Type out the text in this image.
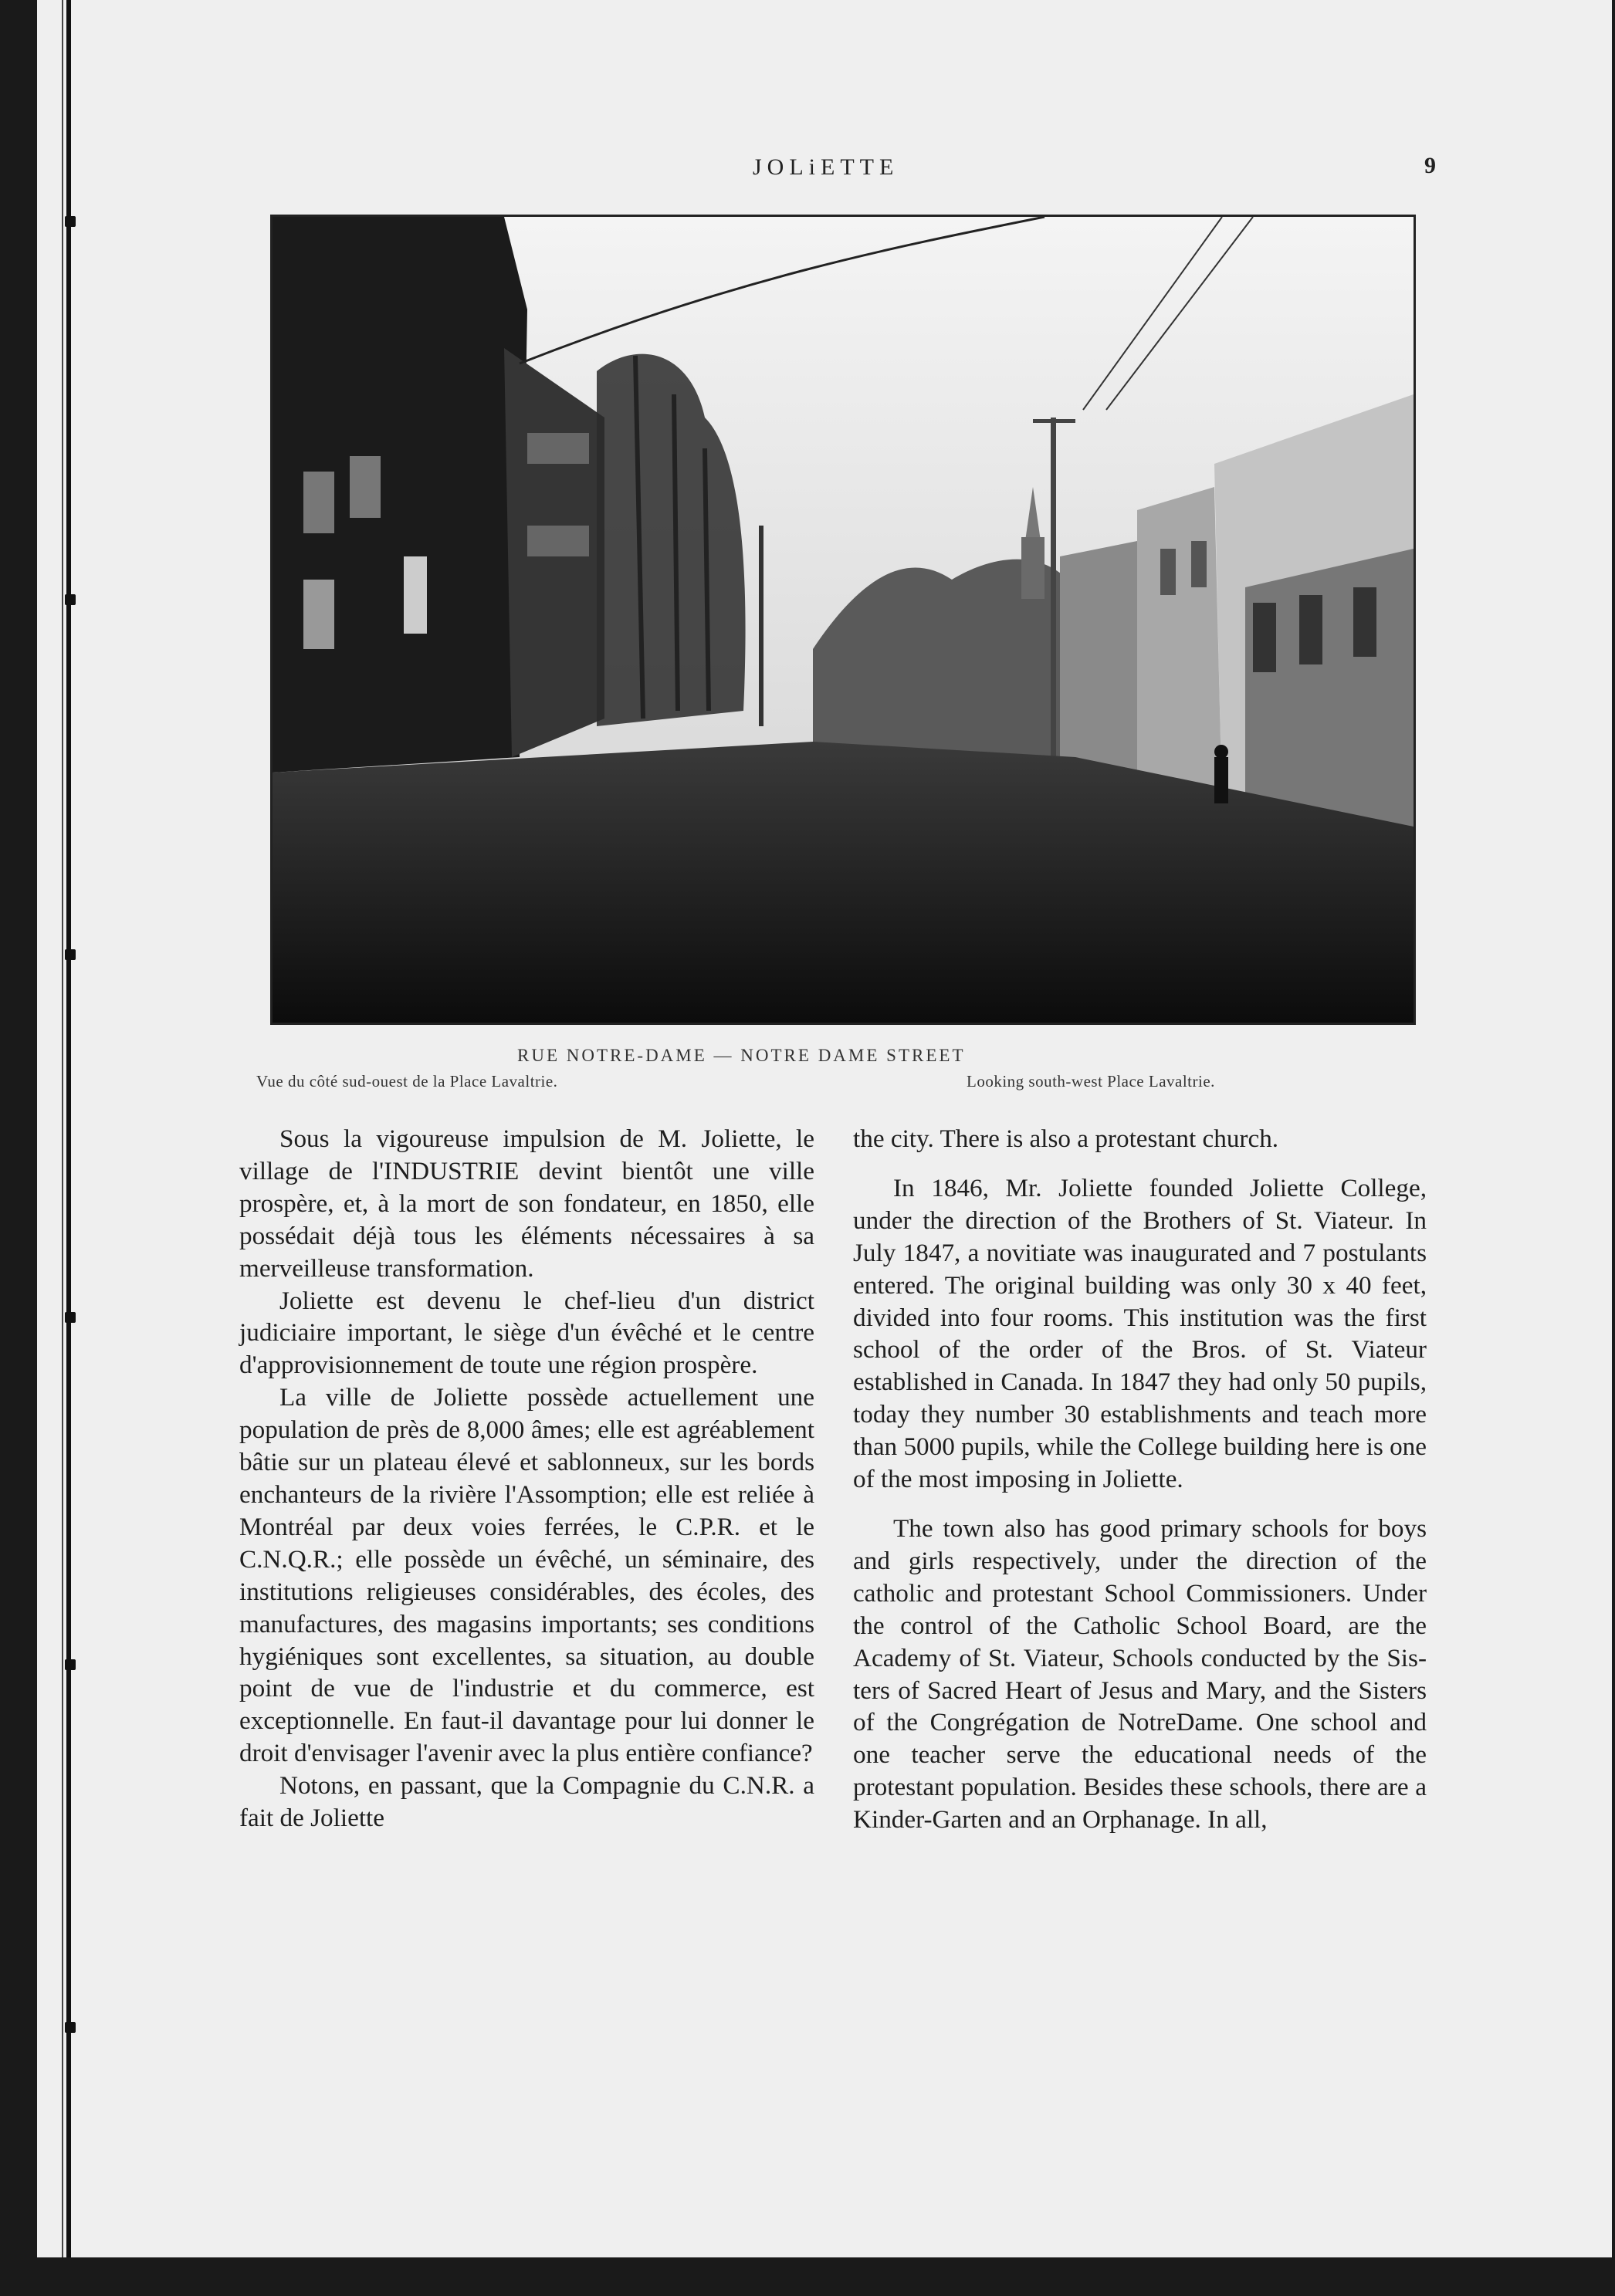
JOLiETTE	9
RUE NOTRE-DAME — NOTRE DAME STREET
Vue du côté sud-ouest de la Place Lavaltrie.	Looking south-west Place Lavaltrie.

Sous la vigoureuse impulsion de M. Joliette, le village de l'INDUSTRIE devint bientôt une ville prospère, et, à la mort de son fondateur, en 1850, elle possédait déjà tous les éléments nécessaires à sa merveilleuse transformation.

Joliette est devenu le chef-lieu d'un district judiciaire important, le siège d'un évêché et le centre d'approvisionnement de toute une région prospère.

La ville de Joliette possède actuellement une population de près de 8,000 âmes; elle est agréablement bâtie sur un plateau élevé et sablonneux, sur les bords enchanteurs de la rivière l'Assomption; elle est reliée à Montréal par deux voies ferrées, le C.P.R. et le C.N.Q.R.; elle possède un évêché, un séminaire, des institutions religieuses considérables, des écoles, des manufactures, des magasins importants; ses conditions hygiéniques sont excellentes, sa situation, au double point de vue de l'industrie et du commerce, est exceptionnelle. En faut-il davantage pour lui donner le droit d'envisager l'avenir avec la plus entière confiance?

Notons, en passant, que la Compagnie du C.N.R. a fait de Joliette

the city. There is also a protestant church.

In 1846, Mr. Joliette founded Joliette College, under the direction of the Brothers of St. Viateur. In July 1847, a novitiate was inaugurated and 7 postulants entered. The original building was only 30 x 40 feet, divided into four rooms. This institution was the first school of the order of the Bros. of St. Viateur established in Canada. In 1847 they had only 50 pupils, today they number 30 establishments and teach more than 5000 pupils, while the College building here is one of the most imposing in Joliette.

The town also has good primary schools for boys and girls respectively, under the direction of the catholic and protestant School Commissioners. Under the control of the Catholic School Board, are the Academy of St. Viateur, Schools conducted by the Sisters of Sacred Heart of Jesus and Mary, and the Sisters of the Congrégation de NotreDame. One school and one teacher serve the educational needs of the protestant population. Besides these schools, there are a Kinder-Garten and an Orphanage. In all,
